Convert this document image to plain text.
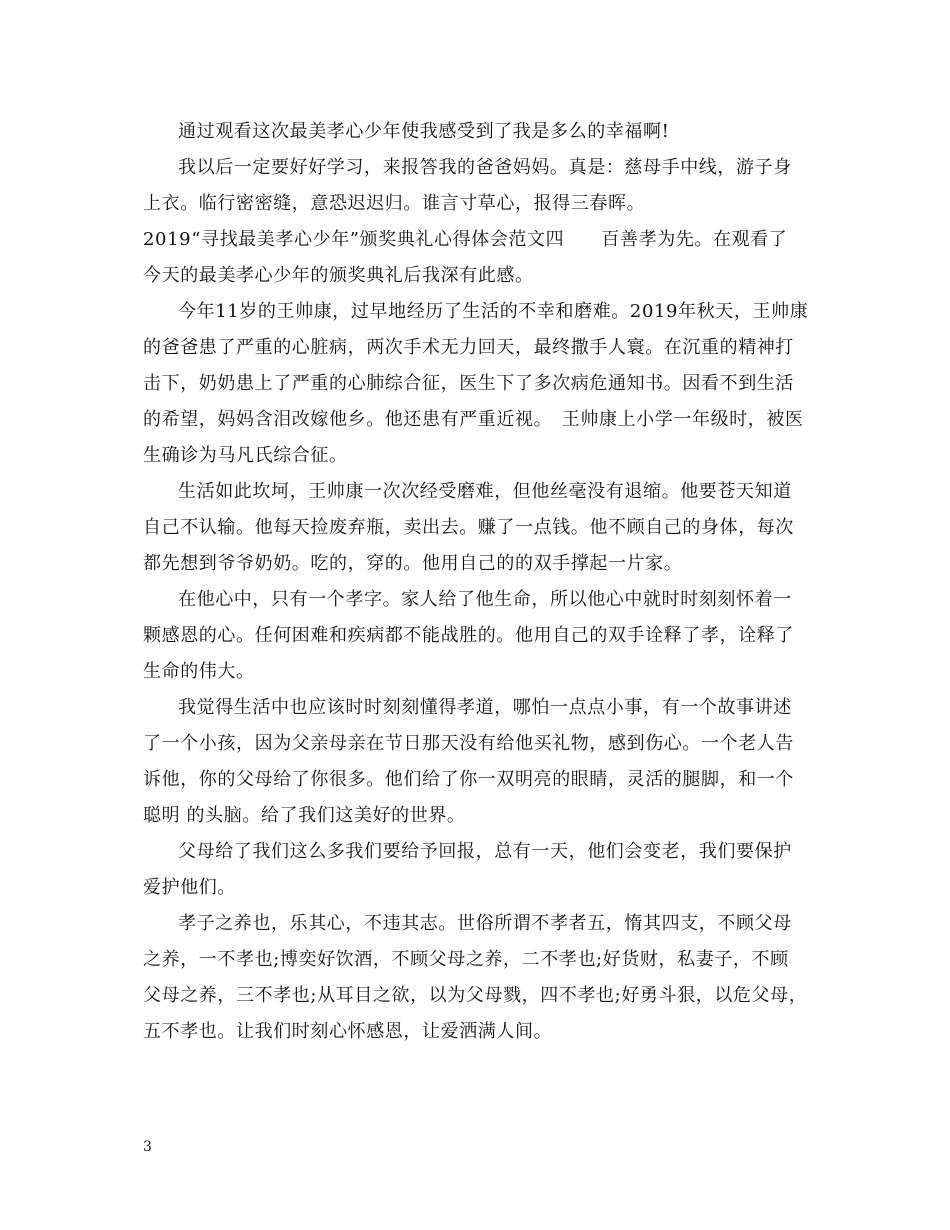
通过观看这次最美孝心少年使我感受到了我是多么的幸福啊!
我以后一定要好好学习，来报答我的爸爸妈妈。真是：慈母手中线，游子身
上衣。临行密密缝，意恐迟迟归。谁言寸草心，报得三春晖。
2019“寻找最美孝心少年”颁奖典礼心得体会范文四　　百善孝为先。在观看了
今天的最美孝心少年的颁奖典礼后我深有此感。
今年11岁的王帅康，过早地经历了生活的不幸和磨难。2019年秋天，王帅康
的爸爸患了严重的心脏病，两次手术无力回天，最终撒手人寰。在沉重的精神打
击下，奶奶患上了严重的心肺综合征，医生下了多次病危通知书。因看不到生活
的希望，妈妈含泪改嫁他乡。他还患有严重近视。　王帅康上小学一年级时，被医
生确诊为马凡氏综合征。
生活如此坎坷，王帅康一次次经受磨难，但他丝毫没有退缩。他要苍天知道
自己不认输。他每天捡废弃瓶，卖出去。赚了一点钱。他不顾自己的身体，每次
都先想到爷爷奶奶。吃的，穿的。他用自己的的双手撑起一片家。
在他心中，只有一个孝字。家人给了他生命，所以他心中就时时刻刻怀着一
颗感恩的心。任何困难和疾病都不能战胜的。他用自己的双手诠释了孝，诠释了
生命的伟大。
我觉得生活中也应该时时刻刻懂得孝道，哪怕一点点小事，有一个故事讲述
了一个小孩，因为父亲母亲在节日那天没有给他买礼物，感到伤心。一个老人告
诉他，你的父母给了你很多。他们给了你一双明亮的眼睛，灵活的腿脚，和一个
聪明 的头脑。给了我们这美好的世界。
父母给了我们这么多我们要给予回报，总有一天，他们会变老，我们要保护
爱护他们。
孝子之养也，乐其心，不违其志。世俗所谓不孝者五，惰其四支，不顾父母
之养，一不孝也;博奕好饮酒，不顾父母之养，二不孝也;好货财，私妻子，不顾
父母之养，三不孝也;从耳目之欲，以为父母戮，四不孝也;好勇斗狠，以危父母，
五不孝也。让我们时刻心怀感恩，让爱洒满人间。
3
